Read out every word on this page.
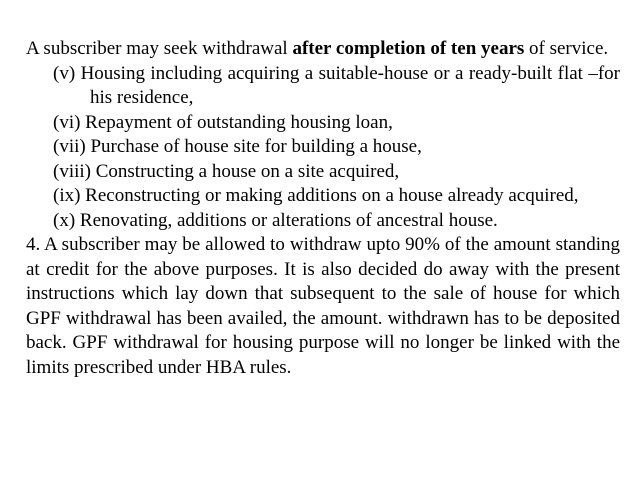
A subscriber may seek withdrawal after completion of ten years of service.

(v) Housing including acquiring a suitable-house or a ready-built flat –for his residence,

(vi) Repayment of outstanding housing loan,

(vii) Purchase of house site for building a house,

(viii) Constructing a house on a site acquired,

(ix) Reconstructing or making additions on a house already acquired,

(x) Renovating, additions or alterations of ancestral house.

4. A subscriber may be allowed to withdraw upto 90% of the amount standing at credit for the above purposes. It is also decided do away with the present instructions which lay down that subsequent to the sale of house for which GPF withdrawal has been availed, the amount. withdrawn has to be deposited back. GPF withdrawal for housing purpose will no longer be linked with the limits prescribed under HBA rules.
